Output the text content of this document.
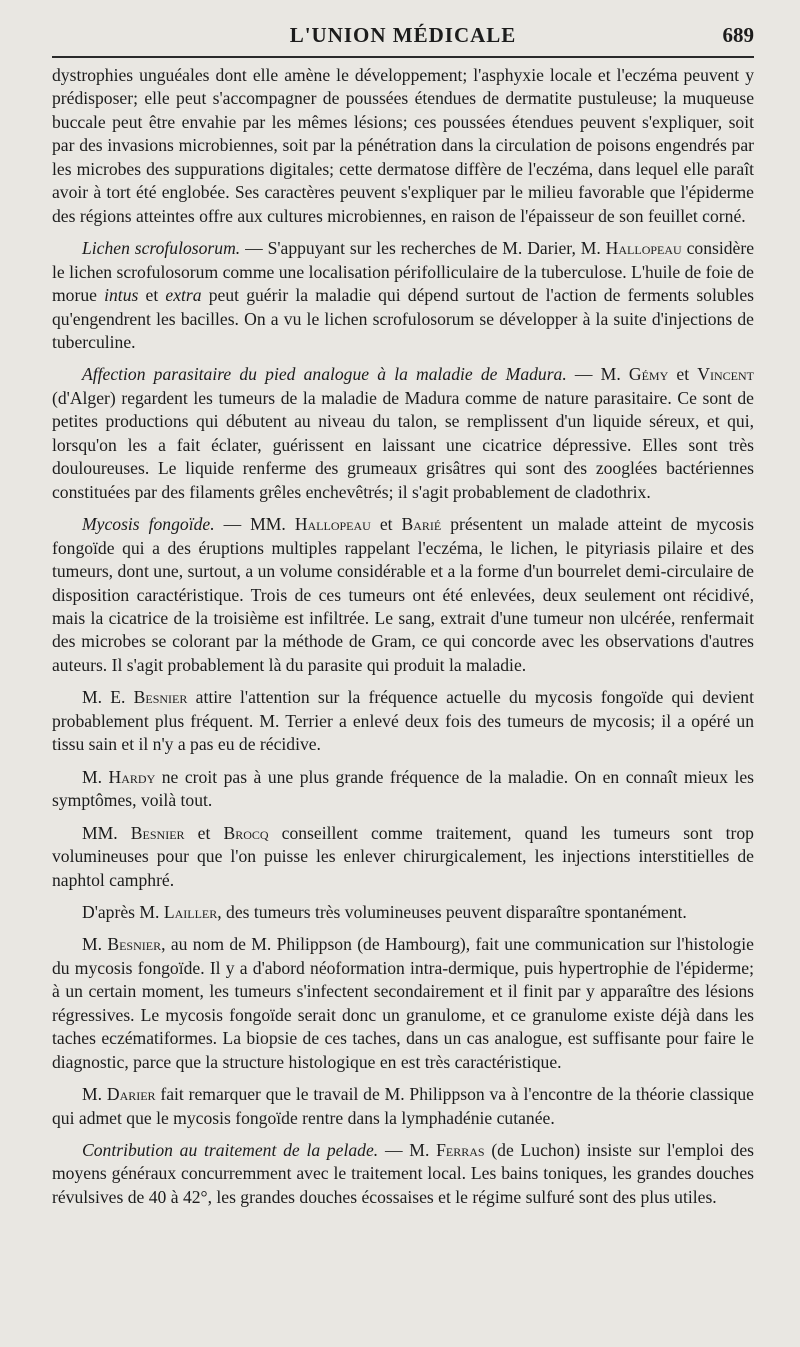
L'UNION MÉDICALE	689

dystrophies unguéales dont elle amène le développement; l'asphyxie locale et l'eczéma peuvent y prédisposer; elle peut s'accompagner de poussées étendues de dermatite pustuleuse; la muqueuse buccale peut être envahie par les mêmes lésions; ces poussées étendues peuvent s'expliquer, soit par des invasions microbiennes, soit par la pénétration dans la circulation de poisons engendrés par les microbes des suppurations digitales; cette dermatose diffère de l'eczéma, dans lequel elle paraît avoir à tort été englobée. Ses caractères peuvent s'expliquer par le milieu favorable que l'épiderme des régions atteintes offre aux cultures microbiennes, en raison de l'épaisseur de son feuillet corné.

Lichen scrofulosorum. — S'appuyant sur les recherches de M. Darier, M. Hallopeau considère le lichen scrofulosorum comme une localisation périfolliculaire de la tuberculose. L'huile de foie de morue intus et extra peut guérir la maladie qui dépend surtout de l'action de ferments solubles qu'engendrent les bacilles. On a vu le lichen scrofulosorum se développer à la suite d'injections de tuberculine.

Affection parasitaire du pied analogue à la maladie de Madura. — M. Gémy et Vincent (d'Alger) regardent les tumeurs de la maladie de Madura comme de nature parasitaire. Ce sont de petites productions qui débutent au niveau du talon, se remplissent d'un liquide séreux, et qui, lorsqu'on les a fait éclater, guérissent en laissant une cicatrice dépressive. Elles sont très douloureuses. Le liquide renferme des grumeaux grisâtres qui sont des zooglées bactériennes constituées par des filaments grêles enchevêtrés; il s'agit probablement de cladothrix.

Mycosis fongoïde. — MM. Hallopeau et Barié présentent un malade atteint de mycosis fongoïde qui a des éruptions multiples rappelant l'eczéma, le lichen, le pityriasis pilaire et des tumeurs, dont une, surtout, a un volume considérable et a la forme d'un bourrelet demi-circulaire de disposition caractéristique. Trois de ces tumeurs ont été enlevées, deux seulement ont récidivé, mais la cicatrice de la troisième est infiltrée. Le sang, extrait d'une tumeur non ulcérée, renfermait des microbes se colorant par la méthode de Gram, ce qui concorde avec les observations d'autres auteurs. Il s'agit probablement là du parasite qui produit la maladie.

M. E. Besnier attire l'attention sur la fréquence actuelle du mycosis fongoïde qui devient probablement plus fréquent. M. Terrier a enlevé deux fois des tumeurs de mycosis; il a opéré un tissu sain et il n'y a pas eu de récidive.

M. Hardy ne croit pas à une plus grande fréquence de la maladie. On en connaît mieux les symptômes, voilà tout.

MM. Besnier et Brocq conseillent comme traitement, quand les tumeurs sont trop volumineuses pour que l'on puisse les enlever chirurgicalement, les injections interstitielles de naphtol camphré.

D'après M. Lailler, des tumeurs très volumineuses peuvent disparaître spontanément.

M. Besnier, au nom de M. Philippson (de Hambourg), fait une communication sur l'histologie du mycosis fongoïde. Il y a d'abord néoformation intra-dermique, puis hypertrophie de l'épiderme; à un certain moment, les tumeurs s'infectent secondairement et il finit par y apparaître des lésions régressives. Le mycosis fongoïde serait donc un granulome, et ce granulome existe déjà dans les taches eczématiformes. La biopsie de ces taches, dans un cas analogue, est suffisante pour faire le diagnostic, parce que la structure histologique en est très caractéristique.

M. Darier fait remarquer que le travail de M. Philippson va à l'encontre de la théorie classique qui admet que le mycosis fongoïde rentre dans la lymphadénie cutanée.

Contribution au traitement de la pelade. — M. Ferras (de Luchon) insiste sur l'emploi des moyens généraux concurremment avec le traitement local. Les bains toniques, les grandes douches révulsives de 40 à 42°, les grandes douches écossaises et le régime sulfuré sont des plus utiles.
